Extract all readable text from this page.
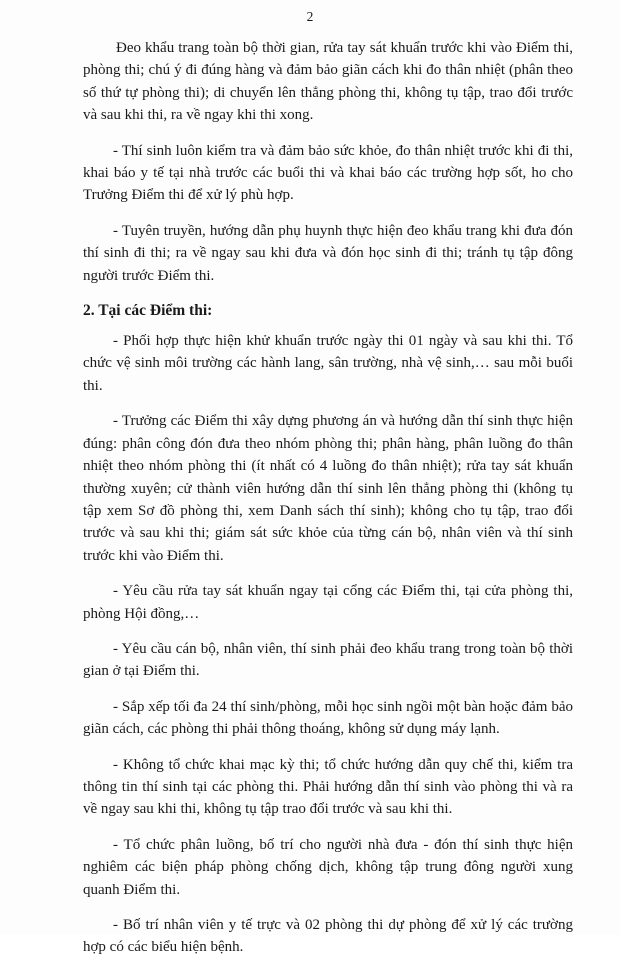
2

Đeo khẩu trang toàn bộ thời gian, rửa tay sát khuẩn trước khi vào Điểm thi, phòng thi; chú ý đi đúng hàng và đảm bảo giãn cách khi đo thân nhiệt (phân theo số thứ tự phòng thi); di chuyển lên thẳng phòng thi, không tụ tập, trao đổi trước và sau khi thi, ra về ngay khi thi xong.

- Thí sinh luôn kiểm tra và đảm bảo sức khỏe, đo thân nhiệt trước khi đi thi, khai báo y tế tại nhà trước các buổi thi và khai báo các trường hợp sốt, ho cho Trưởng Điểm thi để xử lý phù hợp.

- Tuyên truyền, hướng dẫn phụ huynh thực hiện đeo khẩu trang khi đưa đón thí sinh đi thi; ra về ngay sau khi đưa và đón học sinh đi thi; tránh tụ tập đông người trước Điểm thi.

2. Tại các Điểm thi:

- Phối hợp thực hiện khử khuẩn trước ngày thi 01 ngày và sau khi thi. Tổ chức vệ sinh môi trường các hành lang, sân trường, nhà vệ sinh,… sau mỗi buổi thi.

- Trưởng các Điểm thi xây dựng phương án và hướng dẫn thí sinh thực hiện đúng: phân công đón đưa theo nhóm phòng thi; phân hàng, phân luồng đo thân nhiệt theo nhóm phòng thi (ít nhất có 4 luồng đo thân nhiệt); rửa tay sát khuẩn thường xuyên; cử thành viên hướng dẫn thí sinh lên thẳng phòng thi (không tụ tập xem Sơ đồ phòng thi, xem Danh sách thí sinh); không cho tụ tập, trao đổi trước và sau khi thi; giám sát sức khỏe của từng cán bộ, nhân viên và thí sinh trước khi vào Điểm thi.

- Yêu cầu rửa tay sát khuẩn ngay tại cổng các Điểm thi, tại cửa phòng thi, phòng Hội đồng,…

- Yêu cầu cán bộ, nhân viên, thí sinh phải đeo khẩu trang trong toàn bộ thời gian ở tại Điểm thi.

- Sắp xếp tối đa 24 thí sinh/phòng, mỗi học sinh ngồi một bàn hoặc đảm bảo giãn cách, các phòng thi phải thông thoáng, không sử dụng máy lạnh.

- Không tổ chức khai mạc kỳ thi; tổ chức hướng dẫn quy chế thi, kiểm tra thông tin thí sinh tại các phòng thi. Phải hướng dẫn thí sinh vào phòng thi và ra về ngay sau khi thi, không tụ tập trao đổi trước và sau khi thi.

- Tổ chức phân luồng, bố trí cho người nhà đưa - đón thí sinh thực hiện nghiêm các biện pháp phòng chống dịch, không tập trung đông người xung quanh Điểm thi.

- Bố trí nhân viên y tế trực và 02 phòng thi dự phòng để xử lý các trường hợp có các biểu hiện bệnh.
